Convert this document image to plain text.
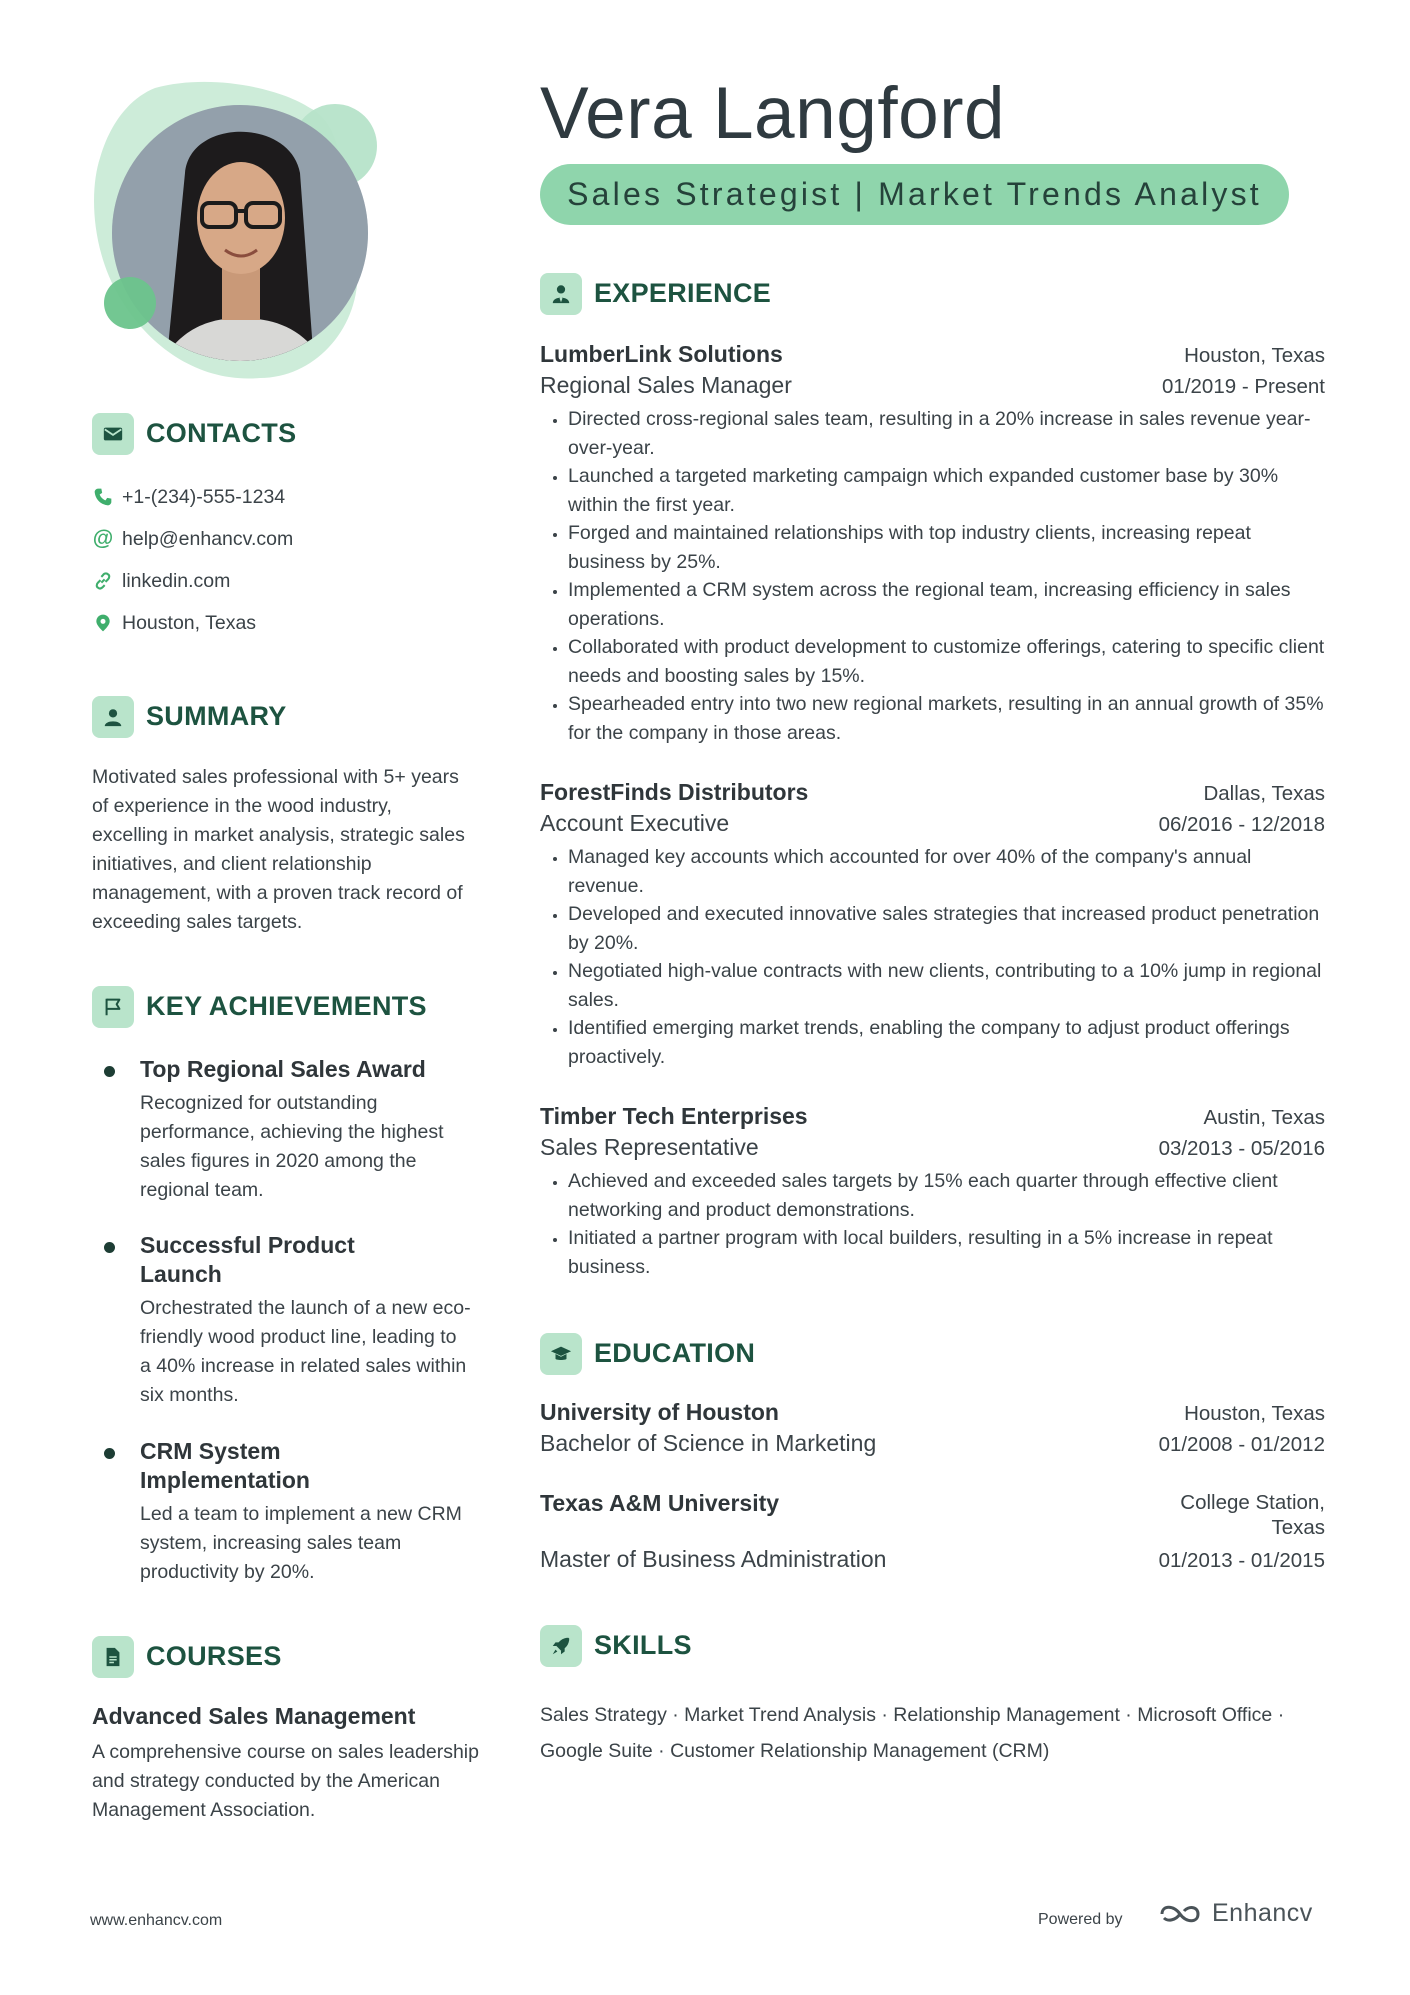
Vera Langford
Sales Strategist | Market Trends Analyst
CONTACTS
+1-(234)-555-1234
@ help@enhancv.com
linkedin.com
Houston, Texas
SUMMARY
Motivated sales professional with 5+ years of experience in the wood industry, excelling in market analysis, strategic sales initiatives, and client relationship management, with a proven track record of exceeding sales targets.
KEY ACHIEVEMENTS
Top Regional Sales Award
Recognized for outstanding performance, achieving the highest sales figures in 2020 among the regional team.
Successful Product Launch
Orchestrated the launch of a new eco-friendly wood product line, leading to a 40% increase in related sales within six months.
CRM System Implementation
Led a team to implement a new CRM system, increasing sales team productivity by 20%.
COURSES
Advanced Sales Management
A comprehensive course on sales leadership and strategy conducted by the American Management Association.
EXPERIENCE
LumberLink Solutions	Houston, Texas
Regional Sales Manager	01/2019 - Present
• Directed cross-regional sales team, resulting in a 20% increase in sales revenue year-over-year.
• Launched a targeted marketing campaign which expanded customer base by 30% within the first year.
• Forged and maintained relationships with top industry clients, increasing repeat business by 25%.
• Implemented a CRM system across the regional team, increasing efficiency in sales operations.
• Collaborated with product development to customize offerings, catering to specific client needs and boosting sales by 15%.
• Spearheaded entry into two new regional markets, resulting in an annual growth of 35% for the company in those areas.
ForestFinds Distributors	Dallas, Texas
Account Executive	06/2016 - 12/2018
• Managed key accounts which accounted for over 40% of the company's annual revenue.
• Developed and executed innovative sales strategies that increased product penetration by 20%.
• Negotiated high-value contracts with new clients, contributing to a 10% jump in regional sales.
• Identified emerging market trends, enabling the company to adjust product offerings proactively.
Timber Tech Enterprises	Austin, Texas
Sales Representative	03/2013 - 05/2016
• Achieved and exceeded sales targets by 15% each quarter through effective client networking and product demonstrations.
• Initiated a partner program with local builders, resulting in a 5% increase in repeat business.
EDUCATION
University of Houston	Houston, Texas
Bachelor of Science in Marketing	01/2008 - 01/2012
Texas A&M University	College Station, Texas
Master of Business Administration	01/2013 - 01/2015
SKILLS
Sales Strategy · Market Trend Analysis · Relationship Management · Microsoft Office ·
Google Suite · Customer Relationship Management (CRM)
www.enhancv.com	Powered by	Enhancv
